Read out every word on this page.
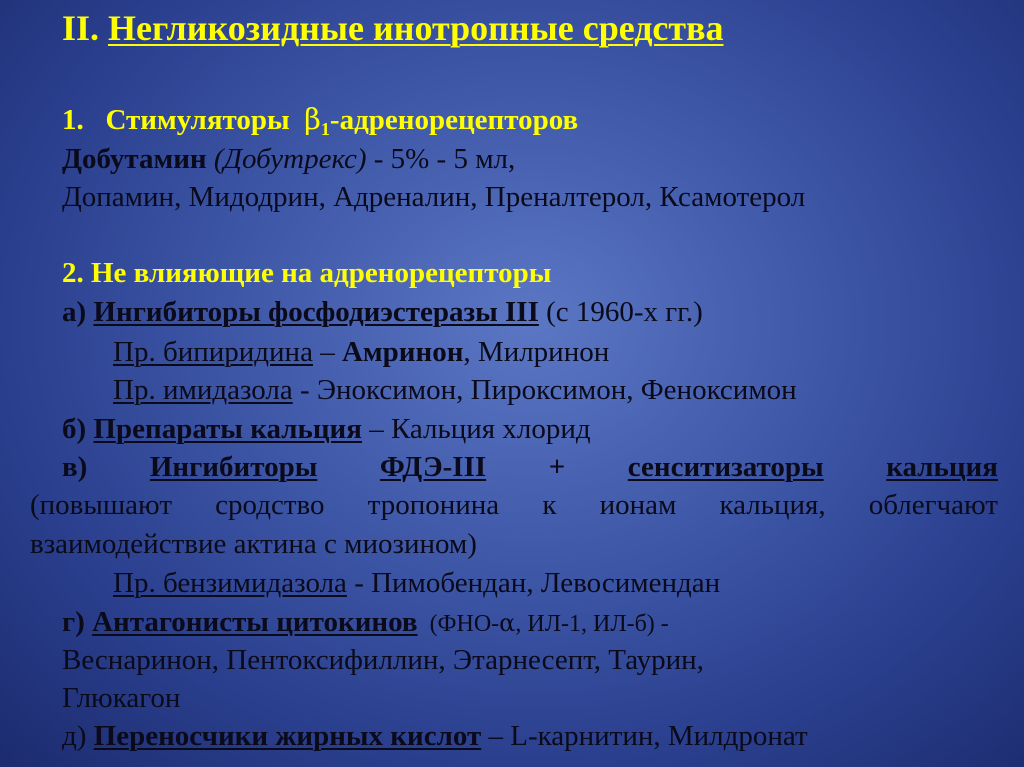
II. Негликозидные инотропные средства
1.   Стимуляторы  $\beta_1$-адренорецепторов
Добутамин (Добутрекс) - 5% - 5 мл,
Допамин, Мидодрин, Адреналин, Преналтерол, Ксамотерол
2. Не влияющие на адренорецепторы
а) Ингибиторы фосфодиэстеразы III (с 1960-х гг.)
Пр. бипиридина – Амринон, Милринон
Пр. имидазола - Эноксимон, Пироксимон, Феноксимон
б) Препараты кальция – Кальция хлорид
в) Ингибиторы ФДЭ-III + сенситизаторы кальция
(повышают сродство тропонина к ионам кальция, облегчают
взаимодействие актина с миозином)
Пр. бензимидазола - Пимобендан, Левосимендан
г) Антагонисты цитокинов  (ФНО-α, ИЛ-1, ИЛ-б) -
Веснаринон, Пентоксифиллин, Этарнесепт, Таурин,
Глюкагон
д) Переносчики жирных кислот – L-карнитин, Милдронат
